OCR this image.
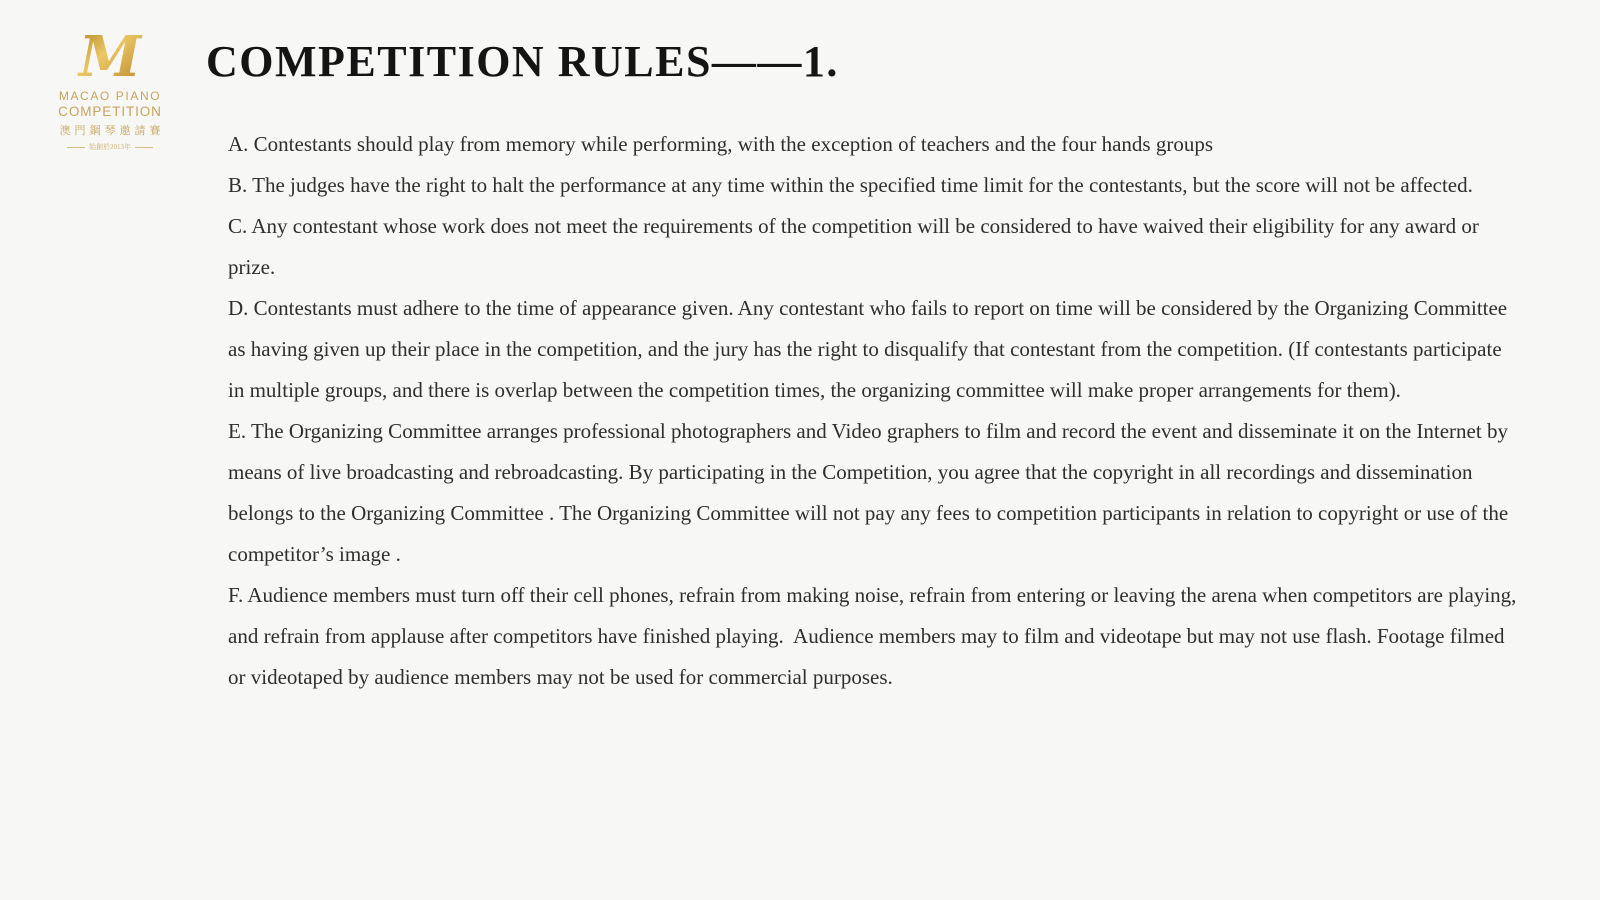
M
MACAO PIANO
COMPETITION
澳門鋼琴邀請賽
始創於2013年
COMPETITION RULES——1.

A. Contestants should play from memory while performing, with the exception of teachers and the four hands groups

B. The judges have the right to halt the performance at any time within the specified time limit for the contestants, but the score will not be affected.

C. Any contestant whose work does not meet the requirements of the competition will be considered to have waived their eligibility for any award or prize.

D. Contestants must adhere to the time of appearance given. Any contestant who fails to report on time will be considered by the Organizing Committee as having given up their place in the competition, and the jury has the right to disqualify that contestant from the competition. (If contestants participate in multiple groups, and there is overlap between the competition times, the organizing committee will make proper arrangements for them).

E. The Organizing Committee arranges professional photographers and Video graphers to film and record the event and disseminate it on the Internet by means of live broadcasting and rebroadcasting. By participating in the Competition, you agree that the copyright in all recordings and dissemination belongs to the Organizing Committee . The Organizing Committee will not pay any fees to competition participants in relation to copyright or use of the competitor’s image .

F. Audience members must turn off their cell phones, refrain from making noise, refrain from entering or leaving the arena when competitors are playing, and refrain from applause after competitors have finished playing.  Audience members may to film and videotape but may not use flash. Footage filmed or videotaped by audience members may not be used for commercial purposes.
